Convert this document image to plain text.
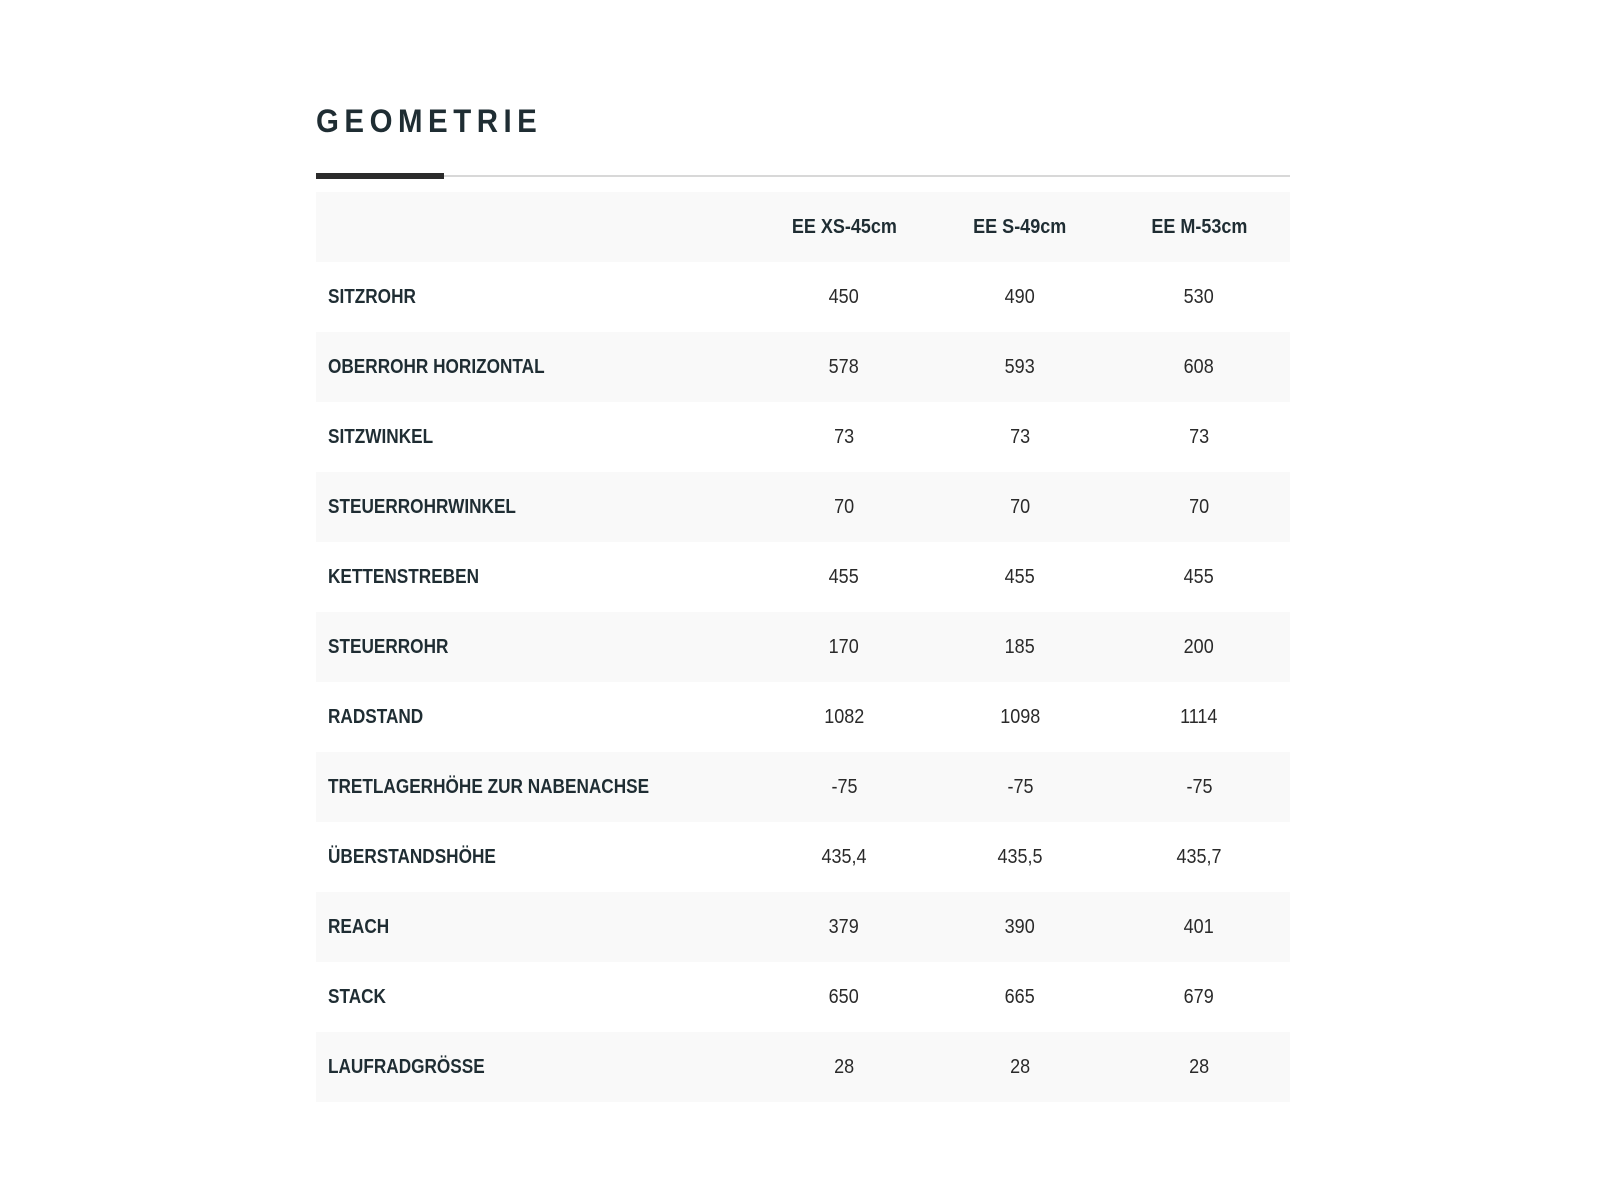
GEOMETRIE
	EE XS-45cm	EE S-49cm	EE M-53cm
SITZROHR	450	490	530
OBERROHR HORIZONTAL	578	593	608
SITZWINKEL	73	73	73
STEUERROHRWINKEL	70	70	70
KETTENSTREBEN	455	455	455
STEUERROHR	170	185	200
RADSTAND	1082	1098	1114
TRETLAGERHÖHE ZUR NABENACHSE	-75	-75	-75
ÜBERSTANDSHÖHE	435,4	435,5	435,7
REACH	379	390	401
STACK	650	665	679
LAUFRADGRÖSSE	28	28	28
